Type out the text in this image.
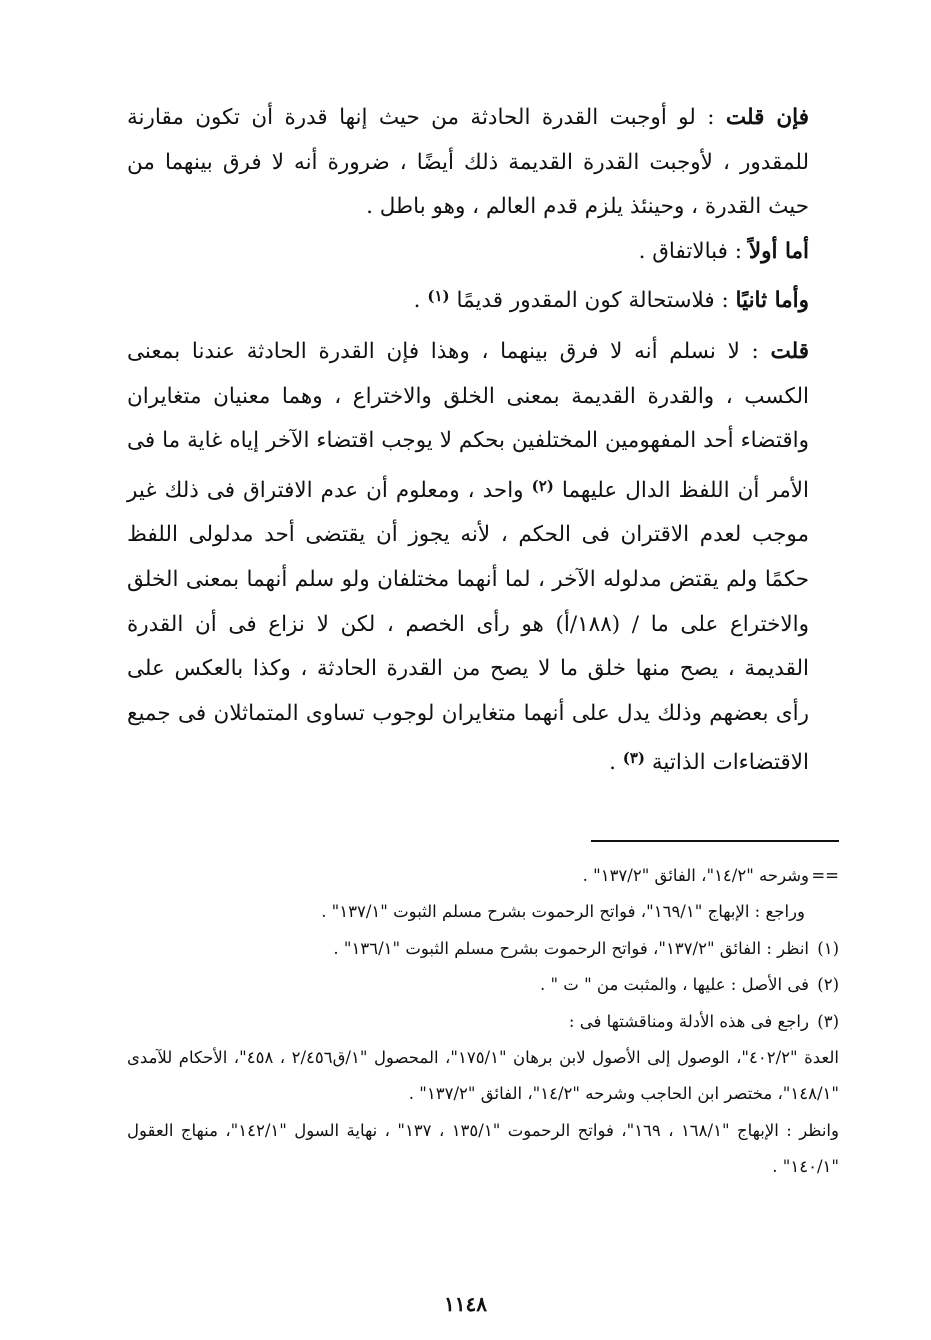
فإن قلت : لو أوجبت القدرة الحادثة من حيث إنها قدرة أن تكون مقارنة للمقدور ، لأوجبت القدرة القديمة ذلك أيضًا ، ضرورة أنه لا فرق بينهما من حيث القدرة ، وحينئذ يلزم قدم العالم ، وهو باطل .

أما أولاً : فبالاتفاق .

وأما ثانيًا : فلاستحالة كون المقدور قديمًا $^{(١)}$ .

قلت : لا نسلم أنه لا فرق بينهما ، وهذا فإن القدرة الحادثة عندنا بمعنى الكسب ، والقدرة القديمة بمعنى الخلق والاختراع ، وهما معنيان متغايران واقتضاء أحد المفهومين المختلفين بحكم لا يوجب اقتضاء الآخر إياه غاية ما فى الأمر أن اللفظ الدال عليهما $^{(٢)}$ واحد ، ومعلوم أن عدم الافتراق فى ذلك غير موجب لعدم الاقتران فى الحكم ، لأنه يجوز أن يقتضى أحد مدلولى اللفظ حكمًا ولم يقتض مدلوله الآخر ، لما أنهما مختلفان ولو سلم أنهما بمعنى الخلق والاختراع على ما / (١٨٨/أ) هو رأى الخصم ، لكن لا نزاع فى أن القدرة القديمة ، يصح منها خلق ما لا يصح من القدرة الحادثة ، وكذا بالعكس على رأى بعضهم وذلك يدل على أنهما متغايران لوجوب تساوى المتماثلان فى جميع الاقتضاءات الذاتية $^{(٣)}$ .

==وشرحه "١٤/٢"، الفائق "١٣٧/٢" .

وراجع : الإبهاج "١٦٩/١"، فواتح الرحموت بشرح مسلم الثبوت "١٣٧/١" .

(١)انظر : الفائق "١٣٧/٢"، فواتح الرحموت بشرح مسلم الثبوت "١٣٦/١" .

(٢)فى الأصل : عليها ، والمثبت من " ت " .

(٣)راجع فى هذه الأدلة ومناقشتها فى :

العدة "٤٠٢/٢"، الوصول إلى الأصول لابن برهان "١٧٥/١"، المحصول "١/ق٢/٤٥٦ ، ٤٥٨"، الأحكام للآمدى "١٤٨/١"، مختصر ابن الحاجب وشرحه "١٤/٢"، الفائق "١٣٧/٢" .

وانظر : الإبهاج "١٦٨/١ ، ١٦٩"، فواتح الرحموت "١٣٥/١ ، ١٣٧" ، نهاية السول "١٤٢/١"، منهاج العقول "١٤٠/١" .

١١٤٨
